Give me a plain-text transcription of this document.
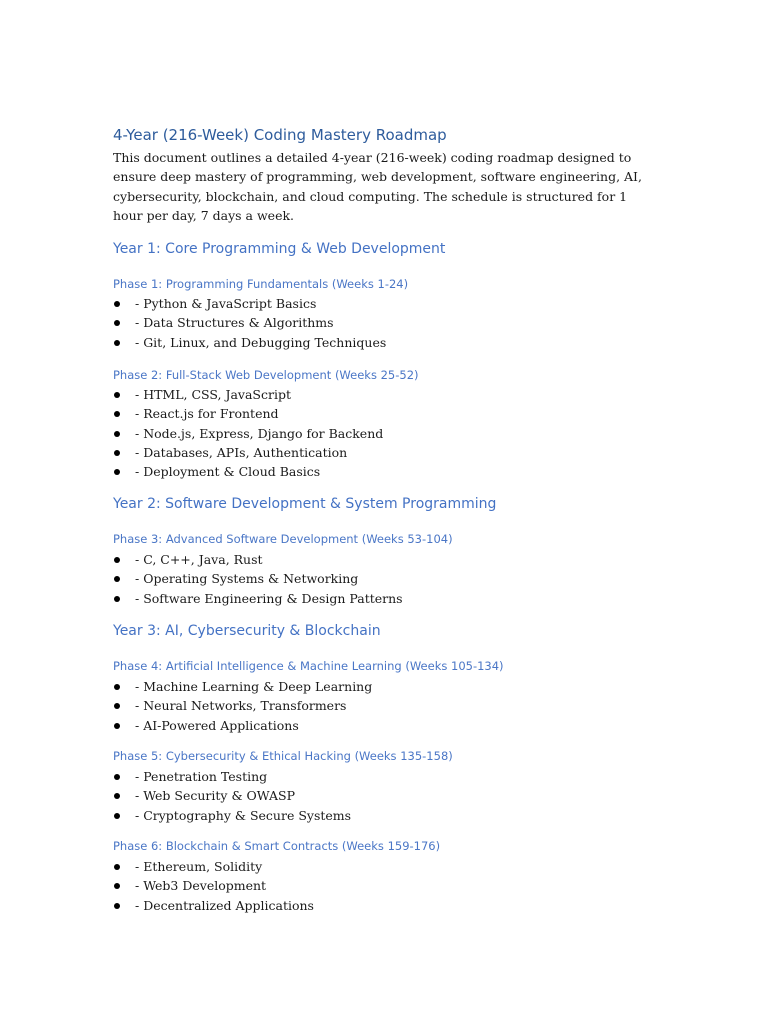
4-Year (216-Week) Coding Mastery Roadmap

This document outlines a detailed 4-year (216-week) coding roadmap designed to ensure deep mastery of programming, web development, software engineering, AI, cybersecurity, blockchain, and cloud computing. The schedule is structured for 1 hour per day, 7 days a week.

Year 1: Core Programming & Web Development
Phase 1: Programming Fundamentals (Weeks 1-24)
- Python & JavaScript Basics
- Data Structures & Algorithms
- Git, Linux, and Debugging Techniques
Phase 2: Full-Stack Web Development (Weeks 25-52)
- HTML, CSS, JavaScript
- React.js for Frontend
- Node.js, Express, Django for Backend
- Databases, APIs, Authentication
- Deployment & Cloud Basics
Year 2: Software Development & System Programming
Phase 3: Advanced Software Development (Weeks 53-104)
- C, C++, Java, Rust
- Operating Systems & Networking
- Software Engineering & Design Patterns
Year 3: AI, Cybersecurity & Blockchain
Phase 4: Artificial Intelligence & Machine Learning (Weeks 105-134)
- Machine Learning & Deep Learning
- Neural Networks, Transformers
- AI-Powered Applications
Phase 5: Cybersecurity & Ethical Hacking (Weeks 135-158)
- Penetration Testing
- Web Security & OWASP
- Cryptography & Secure Systems
Phase 6: Blockchain & Smart Contracts (Weeks 159-176)
- Ethereum, Solidity
- Web3 Development
- Decentralized Applications
